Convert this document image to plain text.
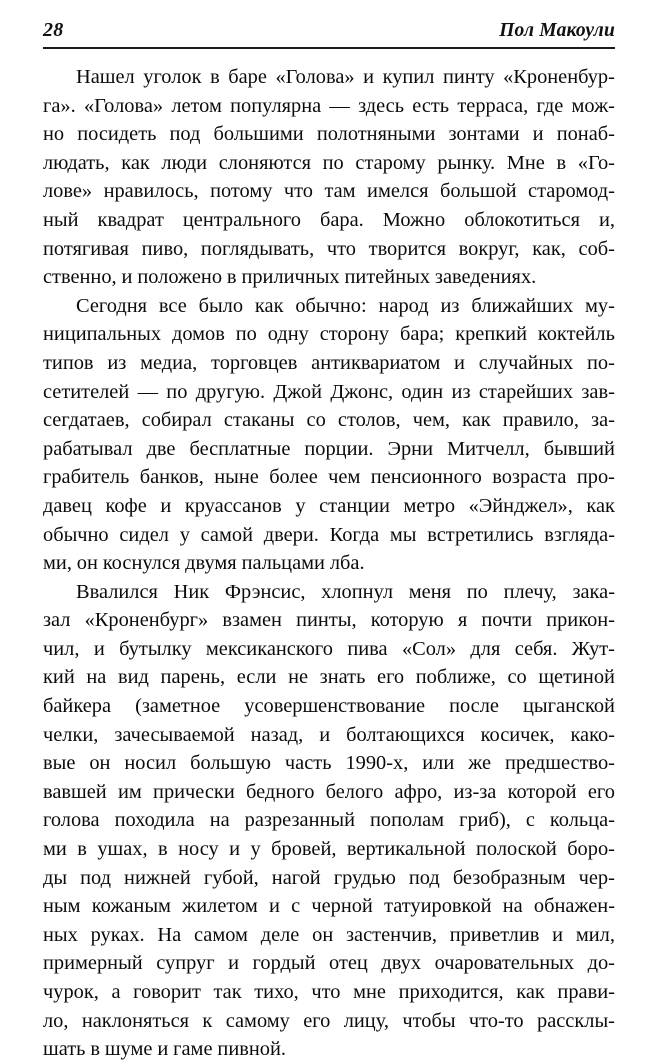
28	Пол Макоули

Нашел уголок в баре «Голова» и купил пинту «Кроненбур-
га». «Голова» летом популярна — здесь есть терраса, где мож-
но посидеть под большими полотняными зонтами и понаб-
людать, как люди слоняются по старому рынку. Мне в «Го-
лове» нравилось, потому что там имелся большой старомод-
ный квадрат центрального бара. Можно облокотиться и,
потягивая пиво, поглядывать, что творится вокруг, как, соб-
ственно, и положено в приличных питейных заведениях.

Сегодня все было как обычно: народ из ближайших му-
ниципальных домов по одну сторону бара; крепкий коктейль
типов из медиа, торговцев антиквариатом и случайных по-
сетителей — по другую. Джой Джонс, один из старейших зав-
сегдатаев, собирал стаканы со столов, чем, как правило, за-
рабатывал две бесплатные порции. Эрни Митчелл, бывший
грабитель банков, ныне более чем пенсионного возраста про-
давец кофе и круассанов у станции метро «Эйнджел», как
обычно сидел у самой двери. Когда мы встретились взгляда-
ми, он коснулся двумя пальцами лба.

Ввалился Ник Фрэнсис, хлопнул меня по плечу, зака-
зал «Кроненбург» взамен пинты, которую я почти прикон-
чил, и бутылку мексиканского пива «Сол» для себя. Жут-
кий на вид парень, если не знать его поближе, со щетиной
байкера (заметное усовершенствование после цыганской
челки, зачесываемой назад, и болтающихся косичек, како-
вые он носил большую часть 1990-х, или же предшество-
вавшей им прически бедного белого афро, из-за которой его
голова походила на разрезанный пополам гриб), с кольца-
ми в ушах, в носу и у бровей, вертикальной полоской боро-
ды под нижней губой, нагой грудью под безобразным чер-
ным кожаным жилетом и с черной татуировкой на обнажен-
ных руках. На самом деле он застенчив, приветлив и мил,
примерный супруг и гордый отец двух очаровательных до-
чурок, а говорит так тихо, что мне приходится, как прави-
ло, наклоняться к самому его лицу, чтобы что-то рассклы-
шать в шуме и гаме пивной.
